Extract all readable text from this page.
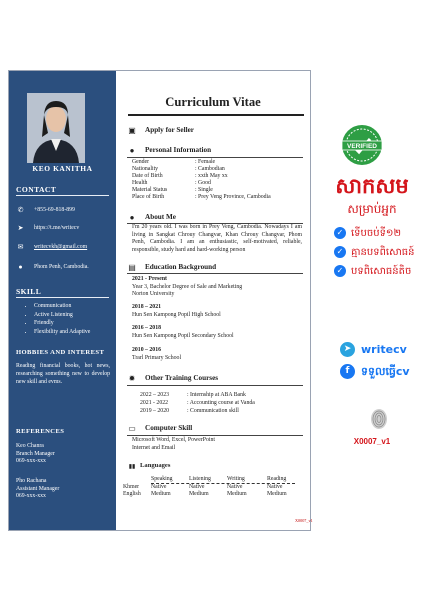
KEO KANITHA
CONTACT
✆ +855-69-818-899
➤ https://t.me/writecv
✉ writecvkh@gmail.com
●	Phom Penh, Cambodia.
SKILL
• Communication
• Active Listening
• Friendly
• Flexibility and Adaptive
HOBBIES AND INTEREST
Reading financial books, hot news, researching something new to develop new skill and evms.
REFERENCES
Keo Chanra
Branch Manager
069-xxx-xxx
Pho Rachana
Assistant Manager
069-xxx-xxx
Curriculum Vitae
▣ Apply for Seller
●	Personal Information
Gender	: Female
Nationality	: Cambodian
Date of Birth	: xxth May xx
Health	: Good
Material Status	: Single
Place of Birth	: Prey Veng Province, Cambodia
●	About Me
I'm 20 years old. I was born in Prey Veng, Cambodia. Nowadays I am living in Sangkat Chrouy Changvar, Khan Chrouy Changvar, Phom Penh, Cambodia. I am an enthusiastic, self-motivated, reliable, responsible, study hard and hard-working person
▤ Education Background
2021 - Present
Year 3, Bachelor Degree of Sale and Marketing
Norton University
2018 – 2021
Hun Sen Kampong Popil High School
2016 – 2018
Hun Sen Kampong Popil Secondary School
2010 – 2016
Trarl Primary School
✹ Other Training Courses
2022 – 2023	: Internship at ABA Bank
2021 - 2022	: Accounting course at Vanda
2019 – 2020	: Communication skill
▭ Computer Skill
Microsoft Word, Excel, PowerPoint
Internet and Email
▮▮ Languages
Speaking	Listening	Writing	Reading
Khmer Native	Native	Native	Native
English Medium	Medium	Medium	Medium
X0007_v1
VERIFIED
សាកសម
សម្រាប់អ្នក
✓ ទើបចប់ទី១២
✓ គ្មានបទពិសោធន៍
✓ បទពិសោធន៍តិច
➤ writecv
f	ទទួលធ្វើcv
X0007_v1
